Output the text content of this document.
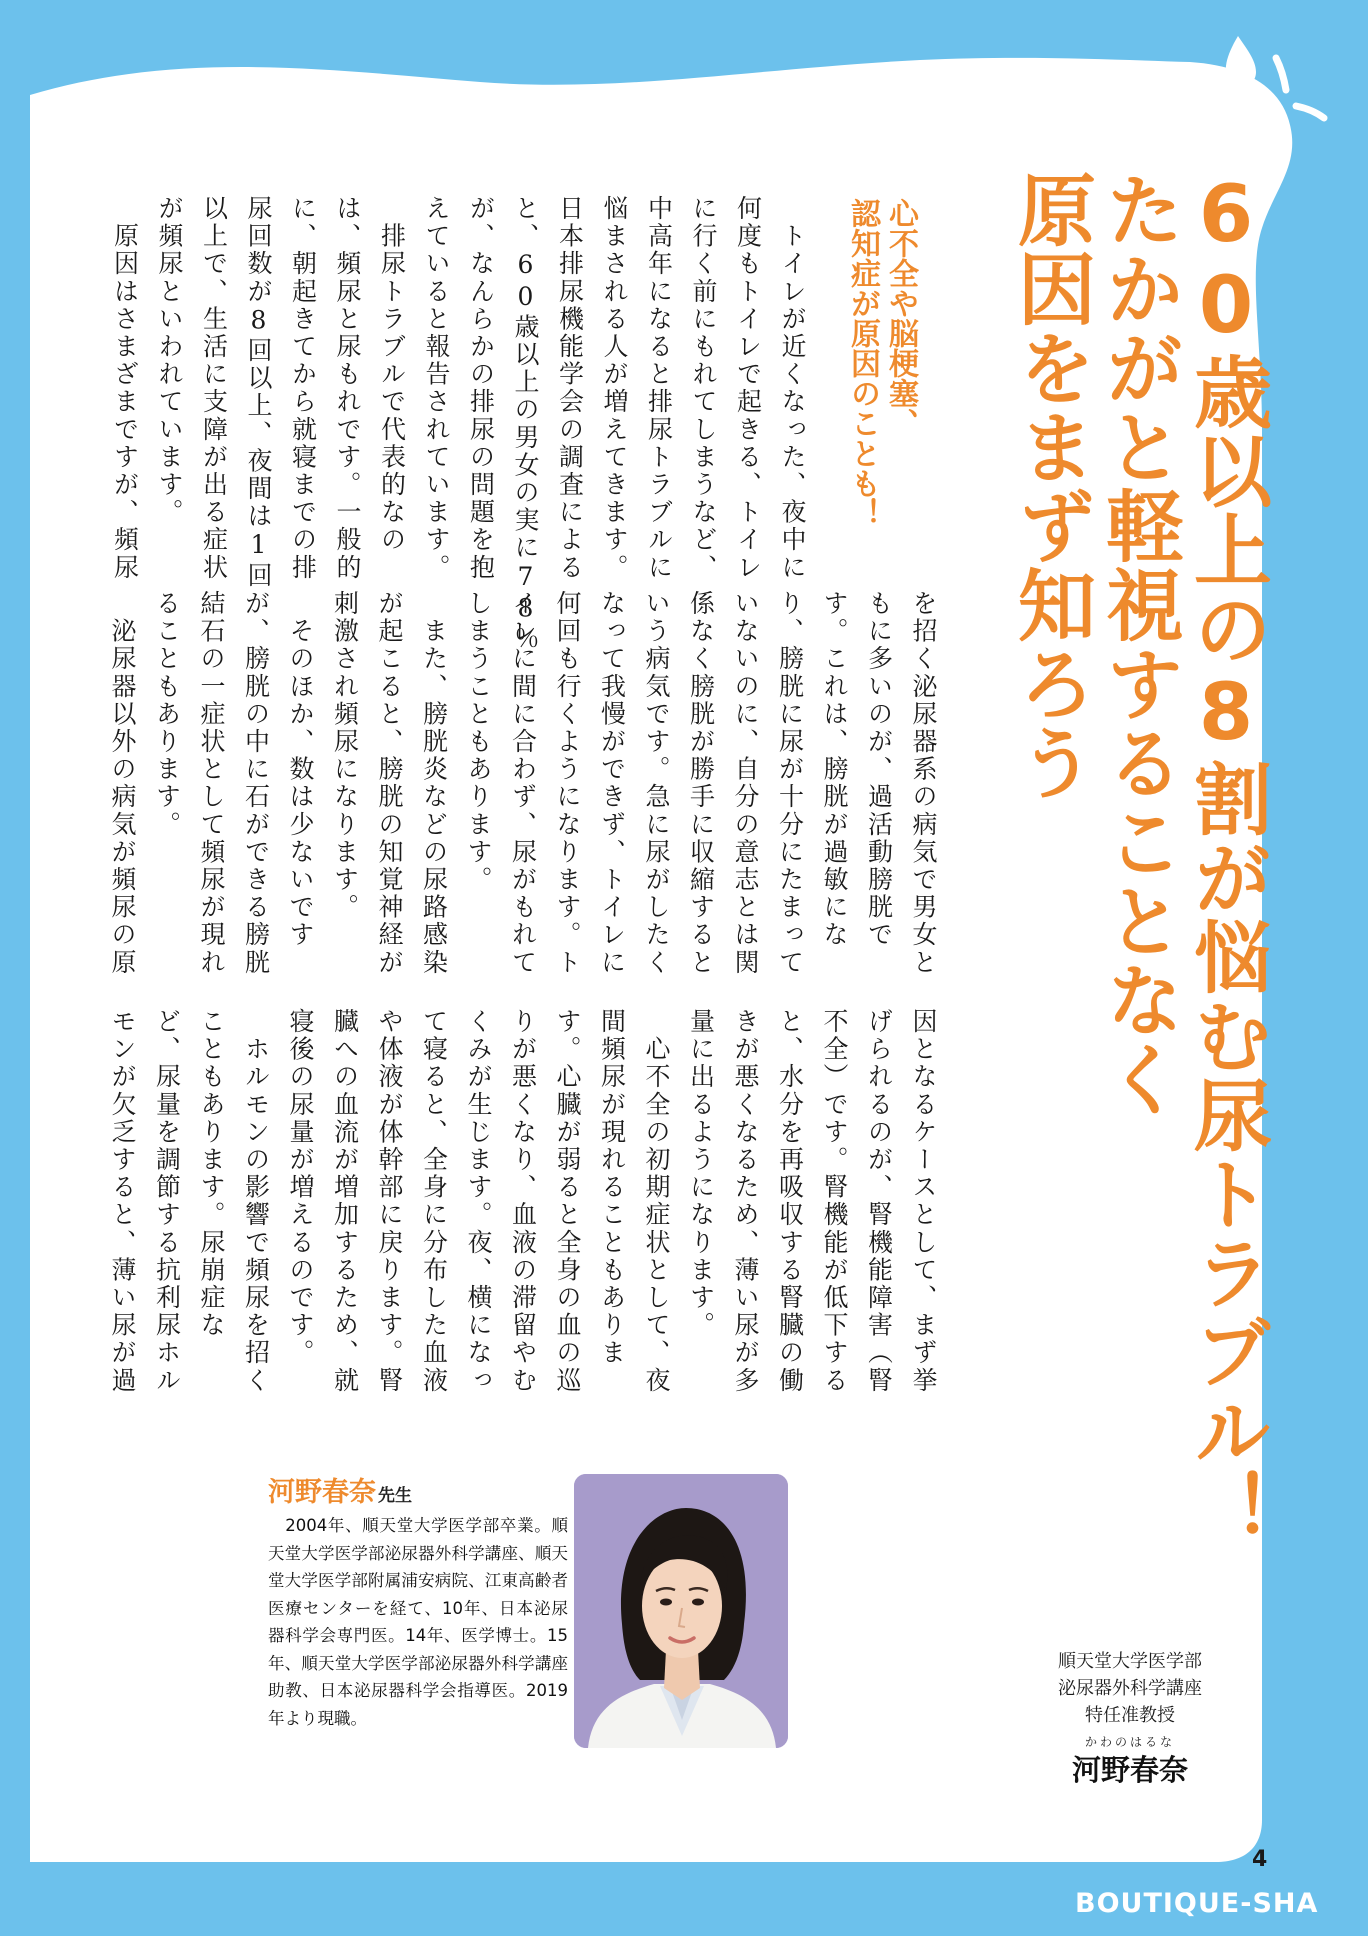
60歳以上の8割が悩む尿トラブル！
たかがと軽視することなく
原因をまず知ろう
心不全や脳梗塞、
認知症が原因のことも！
　トイレが近くなった、夜中に
何度もトイレで起きる、トイレ
に行く前にもれてしまうなど、
中高年になると排尿トラブルに
悩まされる人が増えてきます。
日本排尿機能学会の調査による
と、60歳以上の男女の実に78％
が、なんらかの排尿の問題を抱
えていると報告されています。
　排尿トラブルで代表的なの
は、頻尿と尿もれです。一般的
に、朝起きてから就寝までの排
尿回数が8回以上、夜間は1回
以上で、生活に支障が出る症状
が頻尿といわれています。
　原因はさまざまですが、頻尿
を招く泌尿器系の病気で男女と
もに多いのが、過活動膀胱で
す。これは、膀胱が過敏にな
り、膀胱に尿が十分にたまって
いないのに、自分の意志とは関
係なく膀胱が勝手に収縮すると
いう病気です。急に尿がしたく
なって我慢ができず、トイレに
何回も行くようになります。ト
イレに間に合わず、尿がもれて
しまうこともあります。
　また、膀胱炎などの尿路感染
が起こると、膀胱の知覚神経が
刺激され頻尿になります。
　そのほか、数は少ないです
が、膀胱の中に石ができる膀胱
結石の一症状として頻尿が現れ
ることもあります。
　泌尿器以外の病気が頻尿の原
因となるケースとして、まず挙
げられるのが、腎機能障害（腎
不全）です。腎機能が低下する
と、水分を再吸収する腎臓の働
きが悪くなるため、薄い尿が多
量に出るようになります。
　心不全の初期症状として、夜
間頻尿が現れることもありま
す。心臓が弱ると全身の血の巡
りが悪くなり、血液の滞留やむ
くみが生じます。夜、横になっ
て寝ると、全身に分布した血液
や体液が体幹部に戻ります。腎
臓への血流が増加するため、就
寝後の尿量が増えるのです。
　ホルモンの影響で頻尿を招く
こともあります。尿崩症な
ど、尿量を調節する抗利尿ホル
モンが欠乏すると、薄い尿が過
河野春奈 先生
　2004年、順天堂大学医学部卒業。順天堂大学医学部泌尿器外科学講座、順天堂大学医学部附属浦安病院、江東高齢者医療センターを経て、10年、日本泌尿器科学会専門医。14年、医学博士。15年、順天堂大学医学部泌尿器外科学講座助教、日本泌尿器科学会指導医。2019年より現職。
順天堂大学医学部
泌尿器外科学講座
特任准教授
かわのはるな
河野春奈
4
BOUTIQUE-SHA
